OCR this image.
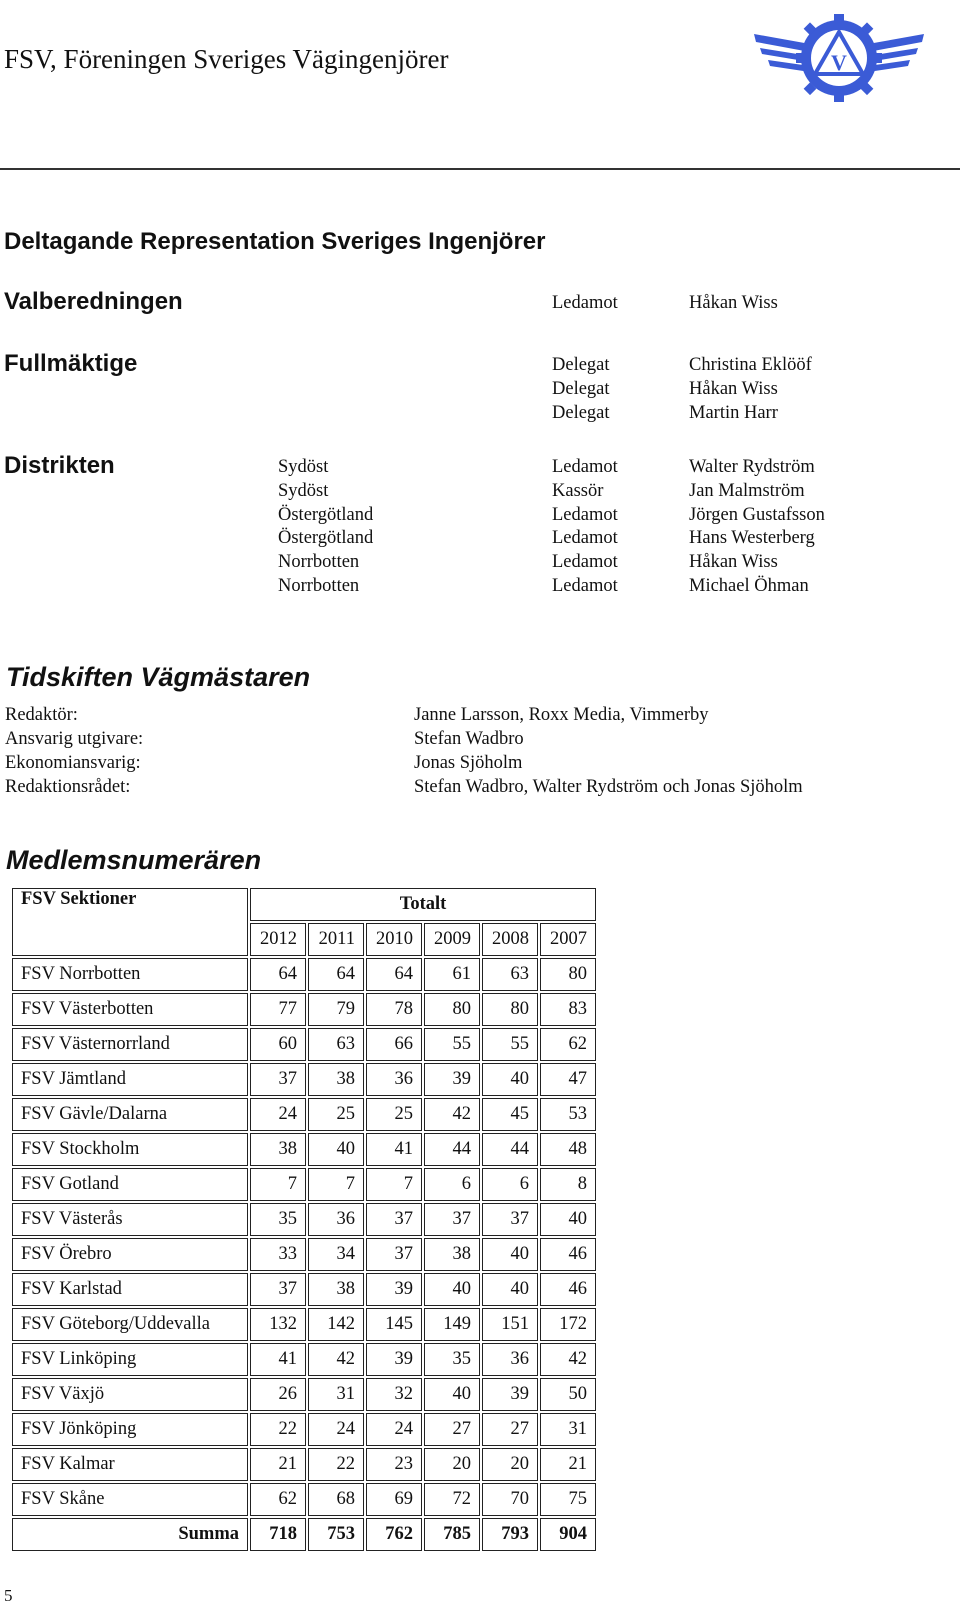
FSV, Föreningen Sveriges Vägingenjörer	V
Deltagande Representation Sveriges Ingenjörer
Valberedningen	Ledamot	Håkan Wiss
Fullmäktige	Delegat	Christina Eklööf
Delegat	Håkan Wiss
Delegat	Martin Harr
Distrikten	Sydöst	Ledamot	Walter Rydström
Sydöst	Kassör	Jan Malmström
Östergötland	Ledamot	Jörgen Gustafsson
Östergötland	Ledamot	Hans Westerberg
Norrbotten	Ledamot	Håkan Wiss
Norrbotten	Ledamot	Michael Öhman
Tidskiften Vägmästaren
Redaktör:	Janne Larsson, Roxx Media, Vimmerby
Ansvarig utgivare:	Stefan Wadbro
Ekonomiansvarig:	Jonas Sjöholm
Redaktionsrådet:	Stefan Wadbro, Walter Rydström och Jonas Sjöholm
Medlemsnumerären
FSV Sektioner	Totalt					
	2012	2011	2010	2009	2008	2007
FSV Norrbotten	64	64	64	61	63	80
FSV Västerbotten	77	79	78	80	80	83
FSV Västernorrland	60	63	66	55	55	62
FSV Jämtland	37	38	36	39	40	47
FSV Gävle/Dalarna	24	25	25	42	45	53
FSV Stockholm	38	40	41	44	44	48
FSV Gotland	7	7	7	6	6	8
FSV Västerås	35	36	37	37	37	40
FSV Örebro	33	34	37	38	40	46
FSV Karlstad	37	38	39	40	40	46
FSV Göteborg/Uddevalla	132	142	145	149	151	172
FSV Linköping	41	42	39	35	36	42
FSV Växjö	26	31	32	40	39	50
FSV Jönköping	22	24	24	27	27	31
FSV Kalmar	21	22	23	20	20	21
FSV Skåne	62	68	69	72	70	75
Summa	718	753	762	785	793	904
5
